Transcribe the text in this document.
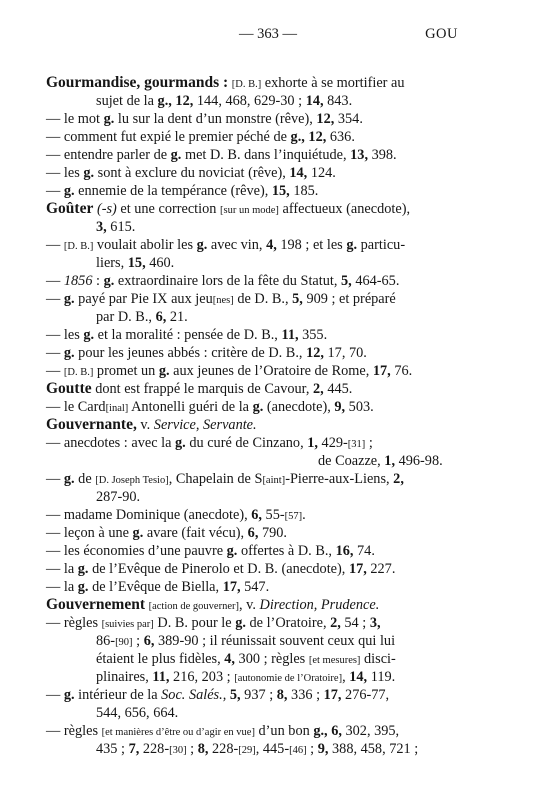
— 363 —	GOU
Gourmandise, gourmands : [D. B.] exhorte à se mortifier au
sujet de la g., 12, 144, 468, 629-30 ; 14, 843.
— le mot g. lu sur la dent d’un monstre (rêve), 12, 354.
— comment fut expié le premier péché de g., 12, 636.
— entendre parler de g. met D. B. dans l’inquiétude, 13, 398.
— les g. sont à exclure du noviciat (rêve), 14, 124.
— g. ennemie de la tempérance (rêve), 15, 185.
Goûter (-s) et une correction [sur un mode] affectueux (anecdote),
3, 615.
— [D. B.] voulait abolir les g. avec vin, 4, 198 ; et les g. particu-
liers, 15, 460.
— 1856 : g. extraordinaire lors de la fête du Statut, 5, 464-65.
— g. payé par Pie IX aux jeu[nes] de D. B., 5, 909 ; et préparé
par D. B., 6, 21.
— les g. et la moralité : pensée de D. B., 11, 355.
— g. pour les jeunes abbés : critère de D. B., 12, 17, 70.
— [D. B.] promet un g. aux jeunes de l’Oratoire de Rome, 17, 76.
Goutte dont est frappé le marquis de Cavour, 2, 445.
— le Card[inal] Antonelli guéri de la g. (anecdote), 9, 503.
Gouvernante, v. Service, Servante.
— anecdotes : avec la g. du curé de Cinzano, 1, 429-[31] ;
de Coazze, 1, 496-98.
— g. de [D. Joseph Tesio], Chapelain de S[aint]-Pierre-aux-Liens, 2,
287-90.
— madame Dominique (anecdote), 6, 55-[57].
— leçon à une g. avare (fait vécu), 6, 790.
— les économies d’une pauvre g. offertes à D. B., 16, 74.
— la g. de l’Evêque de Pinerolo et D. B. (anecdote), 17, 227.
— la g. de l’Evêque de Biella, 17, 547.
Gouvernement [action de gouverner], v. Direction, Prudence.
— règles [suivies par] D. B. pour le g. de l’Oratoire, 2, 54 ; 3,
86-[90] ; 6, 389-90 ; il réunissait souvent ceux qui lui
étaient le plus fidèles, 4, 300 ; règles [et mesures] disci-
plinaires, 11, 216, 203 ; [autonomie de l’Oratoire], 14, 119.
— g. intérieur de la Soc. Salés., 5, 937 ; 8, 336 ; 17, 276-77,
544, 656, 664.
— règles [et manières d’être ou d’agir en vue] d’un bon g., 6, 302, 395,
435 ; 7, 228-[30] ; 8, 228-[29], 445-[46] ; 9, 388, 458, 721 ;
